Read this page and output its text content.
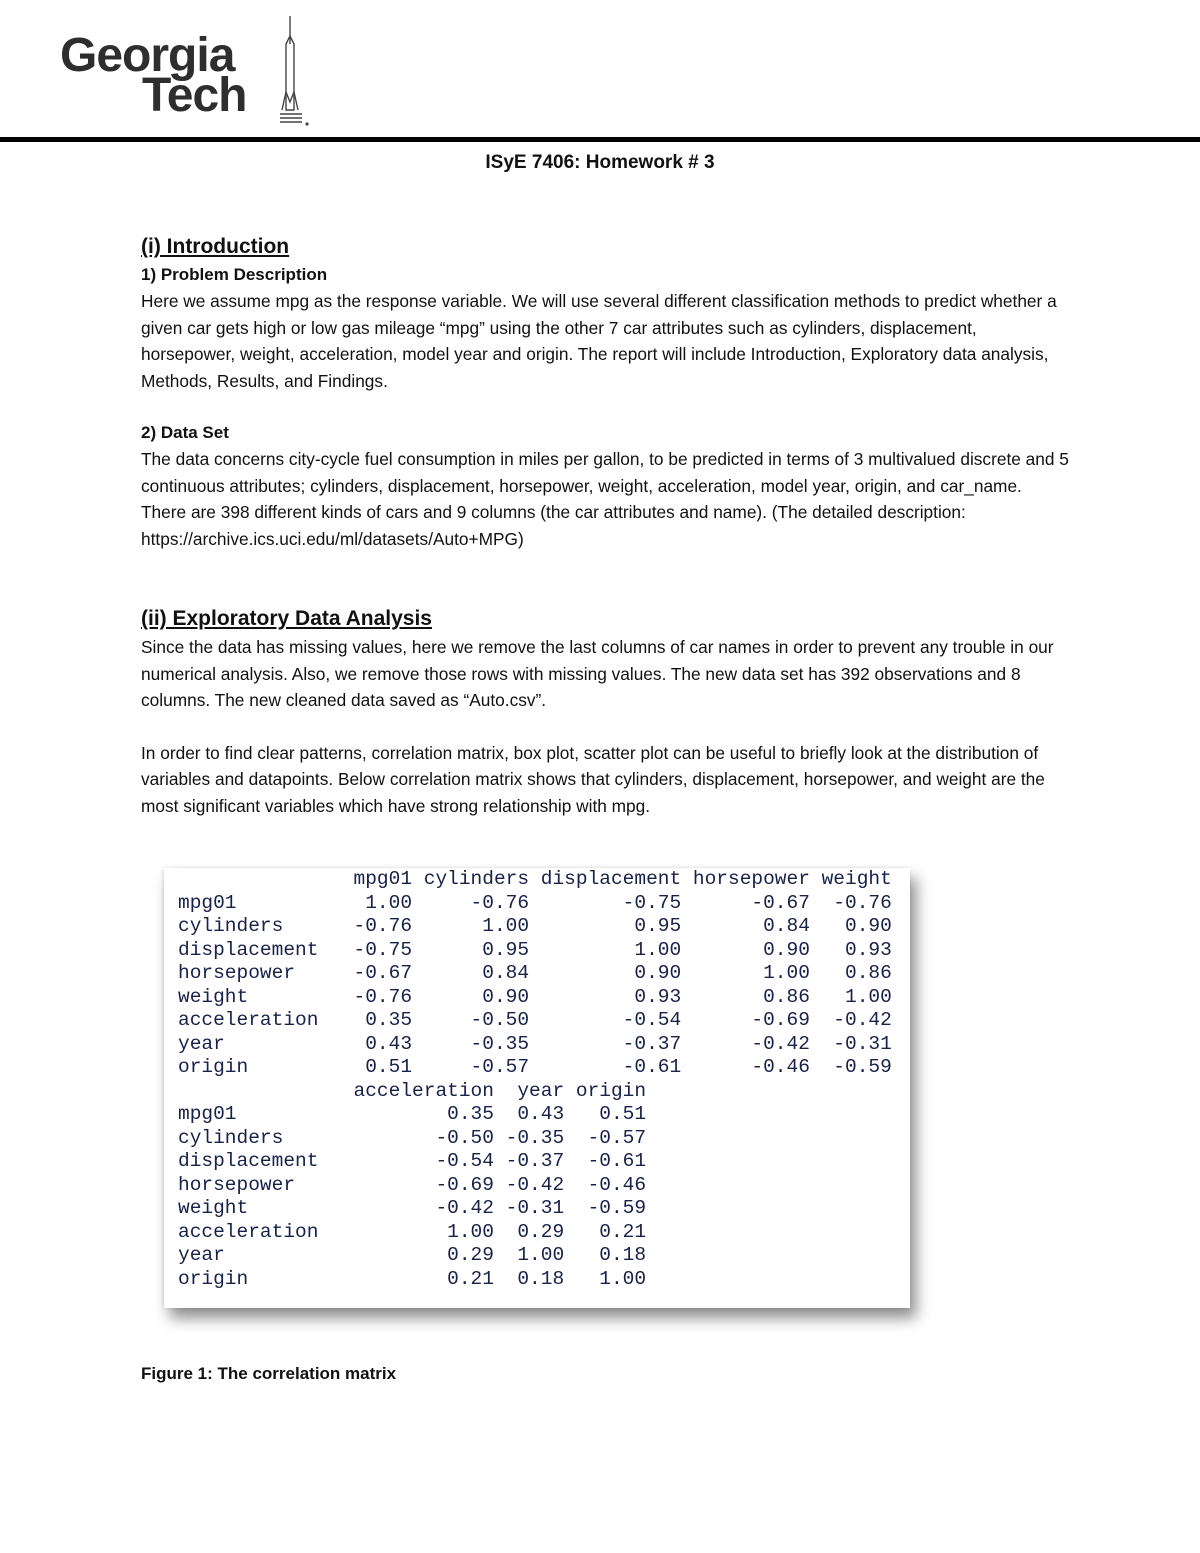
Georgia
Tech
ISyE 7406: Homework # 3

(i) Introduction

1) Problem Description

Here we assume mpg as the response variable. We will use several different classification methods to predict whether a given car gets high or low gas mileage “mpg” using the other 7 car attributes such as cylinders, displacement, horsepower, weight, acceleration, model year and origin. The report will include Introduction, Exploratory data analysis, Methods, Results, and Findings.

2) Data Set

The data concerns city-cycle fuel consumption in miles per gallon, to be predicted in terms of 3 multivalued discrete and 5 continuous attributes; cylinders, displacement, horsepower, weight, acceleration, model year, origin, and car_name. There are 398 different kinds of cars and 9 columns (the car attributes and name). (The detailed description: https://archive.ics.uci.edu/ml/datasets/Auto+MPG)

(ii) Exploratory Data Analysis

Since the data has missing values, here we remove the last columns of car names in order to prevent any trouble in our numerical analysis. Also, we remove those rows with missing values. The new data set has 392 observations and 8 columns. The new cleaned data saved as “Auto.csv”.

In order to find clear patterns, correlation matrix, box plot, scatter plot can be useful to briefly look at the distribution of variables and datapoints. Below correlation matrix shows that cylinders, displacement, horsepower, and weight are the most significant variables which have strong relationship with mpg.

mpg01 cylinders displacement horsepower weight
mpg01           1.00     -0.76        -0.75      -0.67  -0.76
cylinders      -0.76      1.00         0.95       0.84   0.90
displacement   -0.75      0.95         1.00       0.90   0.93
horsepower     -0.67      0.84         0.90       1.00   0.86
weight         -0.76      0.90         0.93       0.86   1.00
acceleration    0.35     -0.50        -0.54      -0.69  -0.42
year            0.43     -0.35        -0.37      -0.42  -0.31
origin          0.51     -0.57        -0.61      -0.46  -0.59
acceleration  year origin
mpg01                  0.35  0.43   0.51
cylinders             -0.50 -0.35  -0.57
displacement          -0.54 -0.37  -0.61
horsepower            -0.69 -0.42  -0.46
weight                -0.42 -0.31  -0.59
acceleration           1.00  0.29   0.21
year                   0.29  1.00   0.18
origin                 0.21  0.18   1.00
Figure 1: The correlation matrix
